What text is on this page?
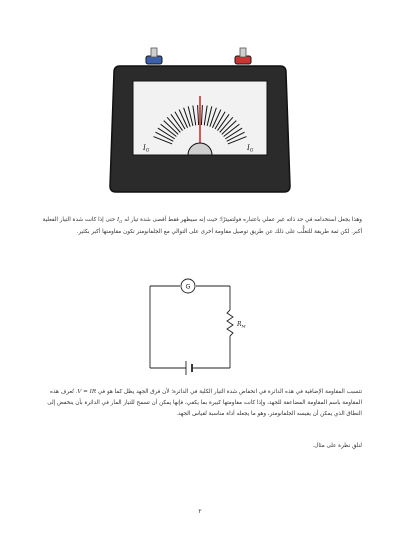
$I_G$	$I_G$

وهذا يجعل استخدامه في حد ذاته غير عملي باعتباره فولتميترًا؛ حيث إنه سيظهر فقط أقصى شدة تيار له $I_G$ حتى إذا كانت شدة التيار الفعلية أكبر. لكن ثمة طريقة للتغلُّب على ذلك عن طريق توصيل مقاومة أخرى على التوالي مع الجلفانومتر تكون مقاومتها أكبر بكثير.

G
$R_M$

تتسبب المقاومة الإضافية في هذه الدائرة في انخفاض شدة التيار الكلية في الدائرة؛ لأن فرق الجهد يظل كما هو في V = IR. تُعرف هذه المقاومة باسم المقاومة المضاعفة للجهد، وإذا كانت مقاومتها كبيرة بما يكفي، فإنها يمكن أن تسمح للتيار المار في الدائرة بأن ينخفض إلى النطاق الذي يمكن أن يقيسه الجلفانومتر، وهو ما يجعله أداة مناسبة لقياس الجهد.

لنلقِ نظرة على مثال.

٢
